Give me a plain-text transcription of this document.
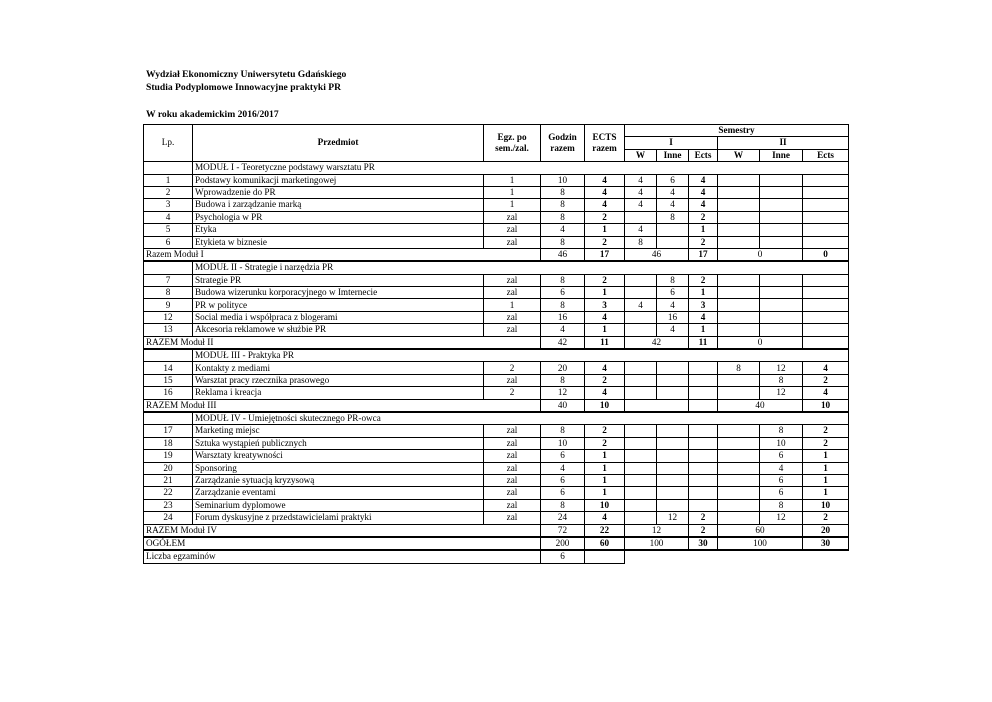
Wydział Ekonomiczny Uniwersytetu Gdańskiego
Studia Podyplomowe Innowacyjne praktyki PR
W roku akademickim 2016/2017
Lp.	Przedmiot	Egz. po sem./zal.	Godzin razem	ECTS razem	Semestry					
					I			II		
					W	Inne	Ects	W	Inne	Ects
	MODUŁ I - Teoretyczne podstawy warsztatu PR									
1	Podstawy komunikacji marketingowej	1	10	4	4	6	4			
2	Wprowadzenie do PR	1	8	4	4	4	4			
3	Budowa i zarządzanie marką	1	8	4	4	4	4			
4	Psychologia w PR	zal	8	2		8	2			
5	Etyka	zal	4	1	4		1			
6	Etykieta w biznesie	zal	8	2	8		2			
Razem Moduł I			46	17	46		17	0		0
	MODUŁ II - Strategie i narzędzia PR									
7	Strategie PR	zal	8	2		8	2			
8	Budowa wizerunku korporacyjnego w Imternecie	zal	6	1		6	1			
9	PR w polityce	1	8	3	4	4	3			
12	Social media i współpraca z blogerami	zal	16	4		16	4			
13	Akcesoria reklamowe w służbie PR	zal	4	1		4	1			
RAZEM Moduł II			42	11	42		11	0		
	MODUŁ III - Praktyka PR									
14	Kontakty z mediami	2	20	4				8	12	4
15	Warsztat pracy rzecznika prasowego	zal	8	2					8	2
16	Reklama i kreacja	2	12	4					12	4
RAZEM Moduł III			40	10				40		10
	MODUŁ IV - Umiejętności skutecznego PR-owca									
17	Marketing miejsc	zal	8	2					8	2
18	Sztuka wystąpień publicznych	zal	10	2					10	2
19	Warsztaty kreatywności	zal	6	1					6	1
20	Sponsoring	zal	4	1					4	1
21	Zarządzanie sytuacją kryzysową	zal	6	1					6	1
22	Zarządzanie eventami	zal	6	1					6	1
23	Seminarium dyplomowe	zal	8	10					8	10
24	Forum dyskusyjne z przedstawicielami praktyki	zal	24	4		12	2		12	2
RAZEM Moduł IV			72	22	12		2	60		20
OGÓŁEM			200	60	100		30	100		30
Liczba egzaminów			6							
